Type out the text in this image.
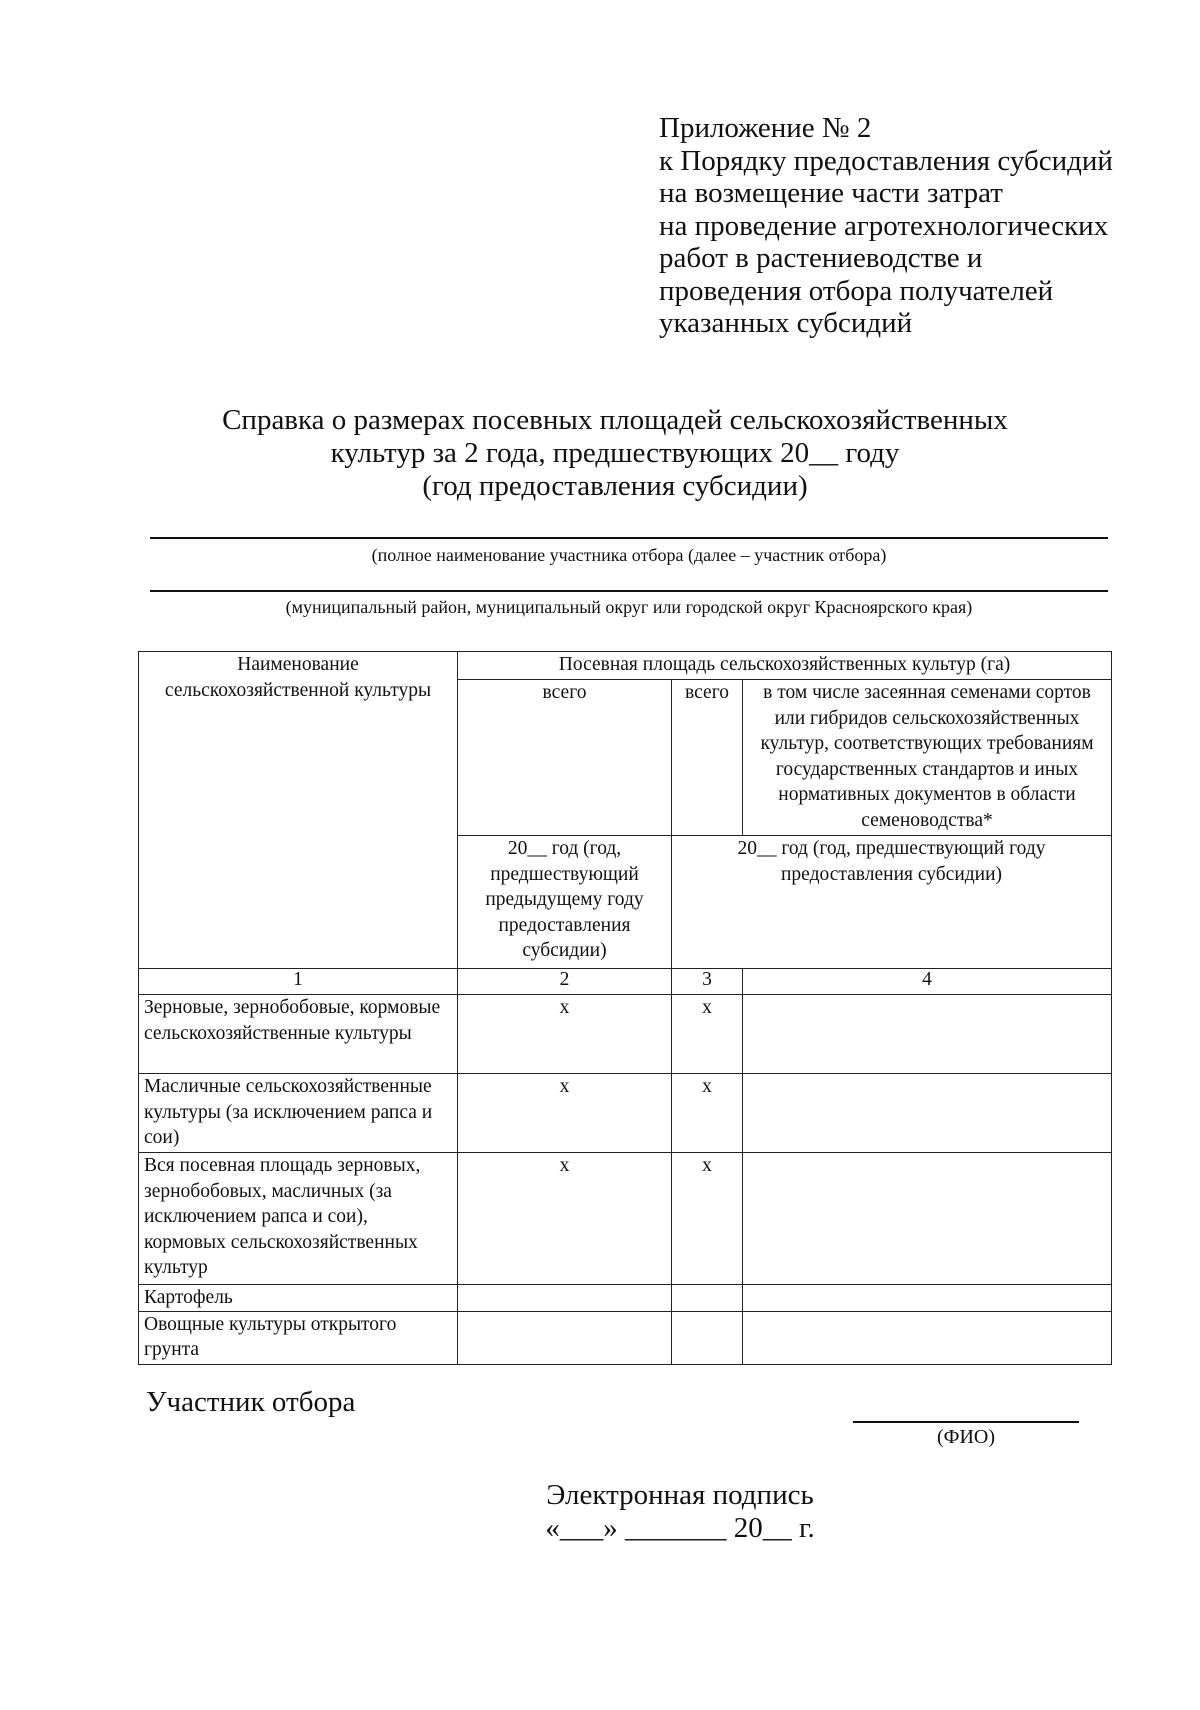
Приложение № 2
к Порядку предоставления субсидий
на возмещение части затрат
на проведение агротехнологических
работ в растениеводстве и
проведения отбора получателей
указанных субсидий
Справка о размерах посевных площадей сельскохозяйственных
культур за 2 года, предшествующих 20__ году
(год предоставления субсидии)
(полное наименование участника отбора (далее – участник отбора)
(муниципальный район, муниципальный округ или городской округ Красноярского края)
Наименование сельскохозяйственной культуры	Посевная площадь сельскохозяйственных культур (га)		
	всего	всего	в том числе засеянная семенами сортов или гибридов сельскохозяйственных культур, соответствующих требованиям государственных стандартов и иных нормативных документов в области семеноводства*
	20__ год (год, предшествующий предыдущему году предоставления субсидии)	20__ год (год, предшествующий году предоставления субсидии)	
1	2	3	4
Зерновые, зернобобовые, кормовые сельскохозяйственные культуры	x	x	
Масличные сельскохозяйственные культуры (за исключением рапса и сои)	x	x	
Вся посевная площадь зерновых, зернобобовых, масличных (за исключением рапса и сои), кормовых сельскохозяйственных культур	x	x	
Картофель			
Овощные культуры открытого грунта			
Участник отбора
(ФИО)
Электронная подпись
«___» _______ 20__ г.
